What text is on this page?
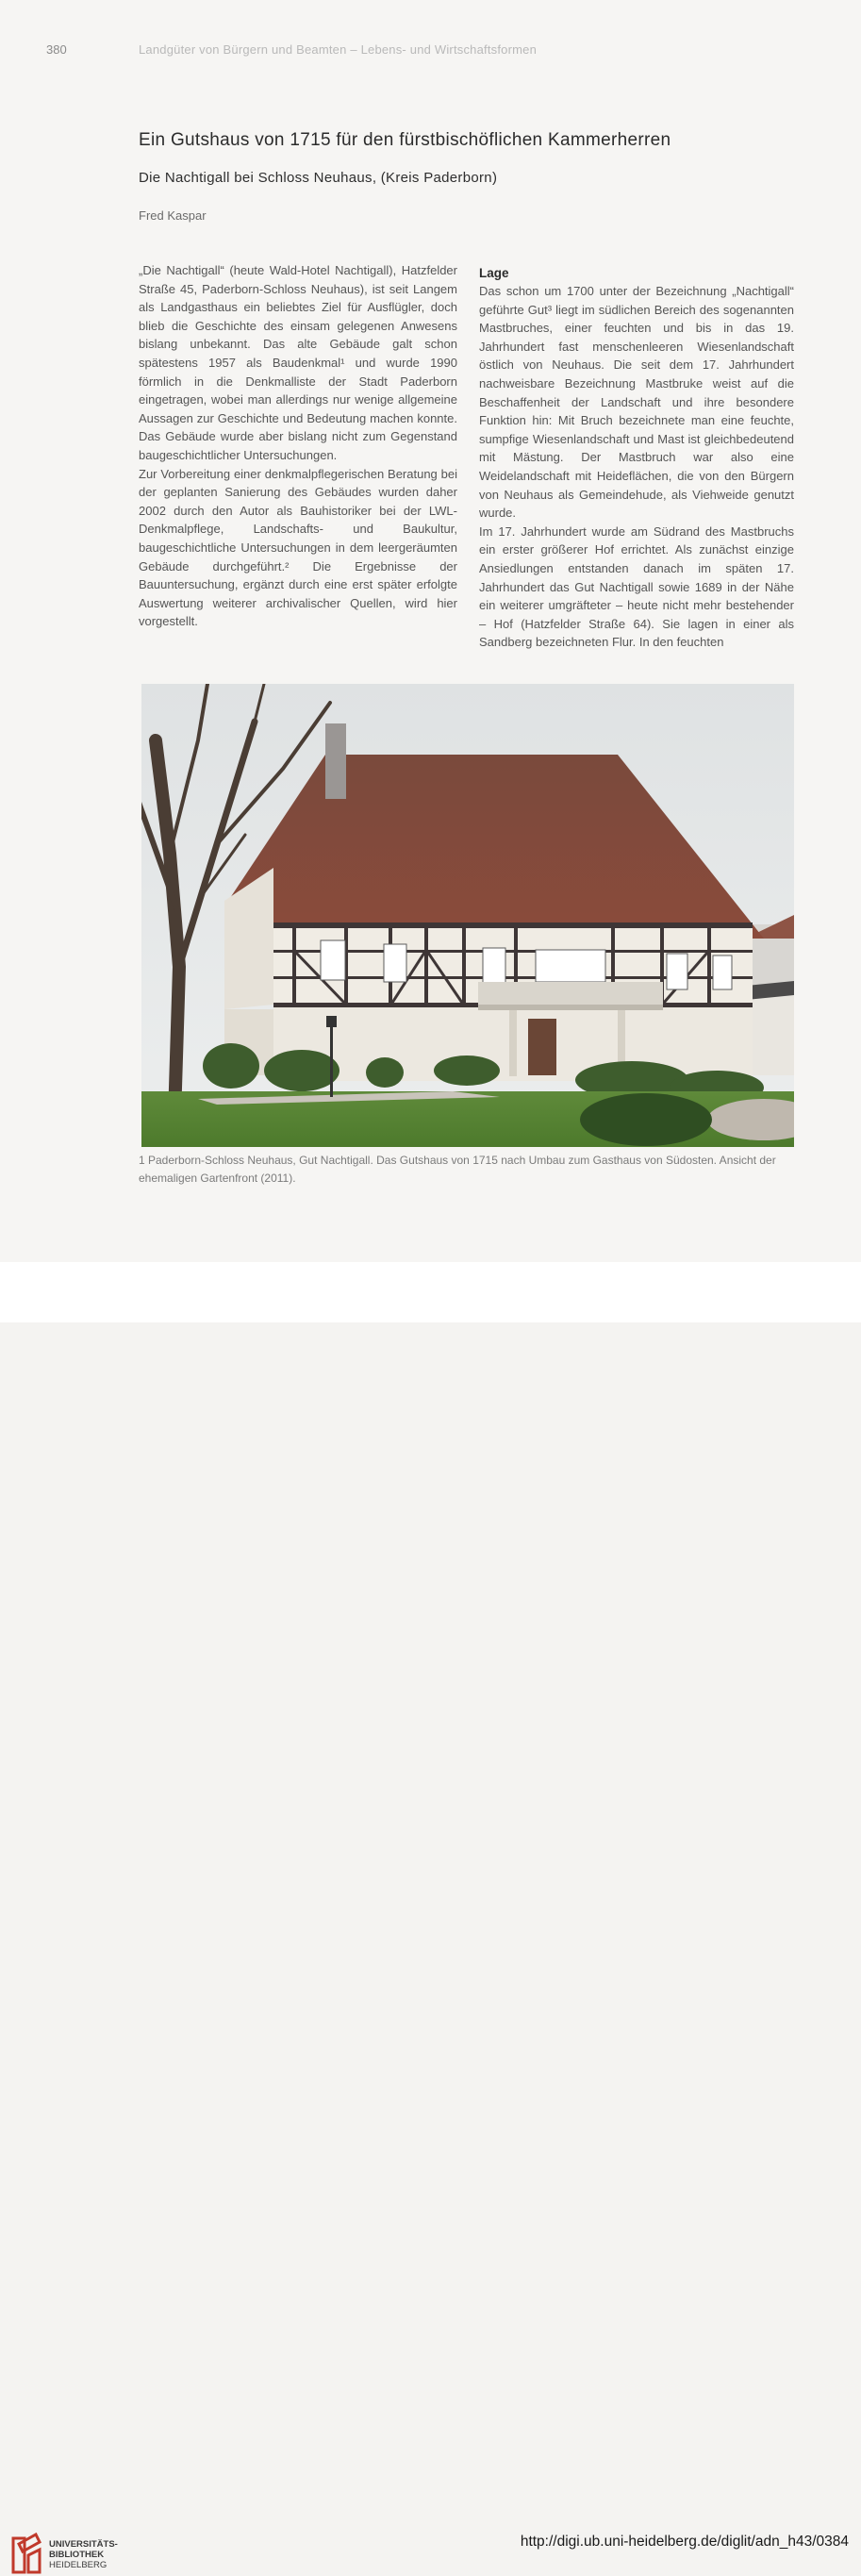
380	Landgüter von Bürgern und Beamten – Lebens- und Wirtschaftsformen
Ein Gutshaus von 1715 für den fürstbischöflichen Kammerherren
Die Nachtigall bei Schloss Neuhaus, (Kreis Paderborn)
Fred Kaspar

„Die Nachtigall“ (heute Wald-Hotel Nachtigall), Hatzfelder Straße 45, Paderborn-Schloss Neuhaus), ist seit Langem als Landgasthaus ein beliebtes Ziel für Ausflügler, doch blieb die Geschichte des einsam gelegenen Anwesens bislang unbekannt. Das alte Gebäude galt schon spätestens 1957 als Baudenkmal¹ und wurde 1990 förmlich in die Denkmalliste der Stadt Paderborn eingetragen, wobei man allerdings nur wenige allgemeine Aussagen zur Geschichte und Bedeutung machen konnte. Das Gebäude wurde aber bislang nicht zum Gegenstand baugeschichtlicher Untersuchungen.

Zur Vorbereitung einer denkmalpflegerischen Beratung bei der geplanten Sanierung des Gebäudes wurden daher 2002 durch den Autor als Bauhistoriker bei der LWL-Denkmalpflege, Landschafts- und Baukultur, baugeschichtliche Untersuchungen in dem leergeräumten Gebäude durchgeführt.² Die Ergebnisse der Bauuntersuchung, ergänzt durch eine erst später erfolgte Auswertung weiterer archivalischer Quellen, wird hier vorgestellt.

Lage

Das schon um 1700 unter der Bezeichnung „Nachtigall“ geführte Gut³ liegt im südlichen Bereich des sogenannten Mastbruches, einer feuchten und bis in das 19. Jahrhundert fast menschenleeren Wiesenlandschaft östlich von Neuhaus. Die seit dem 17. Jahrhundert nachweisbare Bezeichnung Mastbruke weist auf die Beschaffenheit der Landschaft und ihre besondere Funktion hin: Mit Bruch bezeichnete man eine feuchte, sumpfige Wiesenlandschaft und Mast ist gleichbedeutend mit Mästung. Der Mastbruch war also eine Weidelandschaft mit Heideflächen, die von den Bürgern von Neuhaus als Gemeindehude, als Viehweide genutzt wurde.

Im 17. Jahrhundert wurde am Südrand des Mastbruchs ein erster größerer Hof errichtet. Als zunächst einzige Ansiedlungen entstanden danach im späten 17. Jahrhundert das Gut Nachtigall sowie 1689 in der Nähe ein weiterer umgräfteter – heute nicht mehr bestehender – Hof (Hatzfelder Straße 64). Sie lagen in einer als Sandberg bezeichneten Flur. In den feuchten

1 Paderborn-Schloss Neuhaus, Gut Nachtigall. Das Gutshaus von 1715 nach Umbau zum Gasthaus von Südosten. Ansicht der ehemaligen Gartenfront (2011).
UNIVERSITÄTS-
BIBLIOTHEK
HEIDELBERG
http://digi.ub.uni-heidelberg.de/diglit/adn_h43/0384
